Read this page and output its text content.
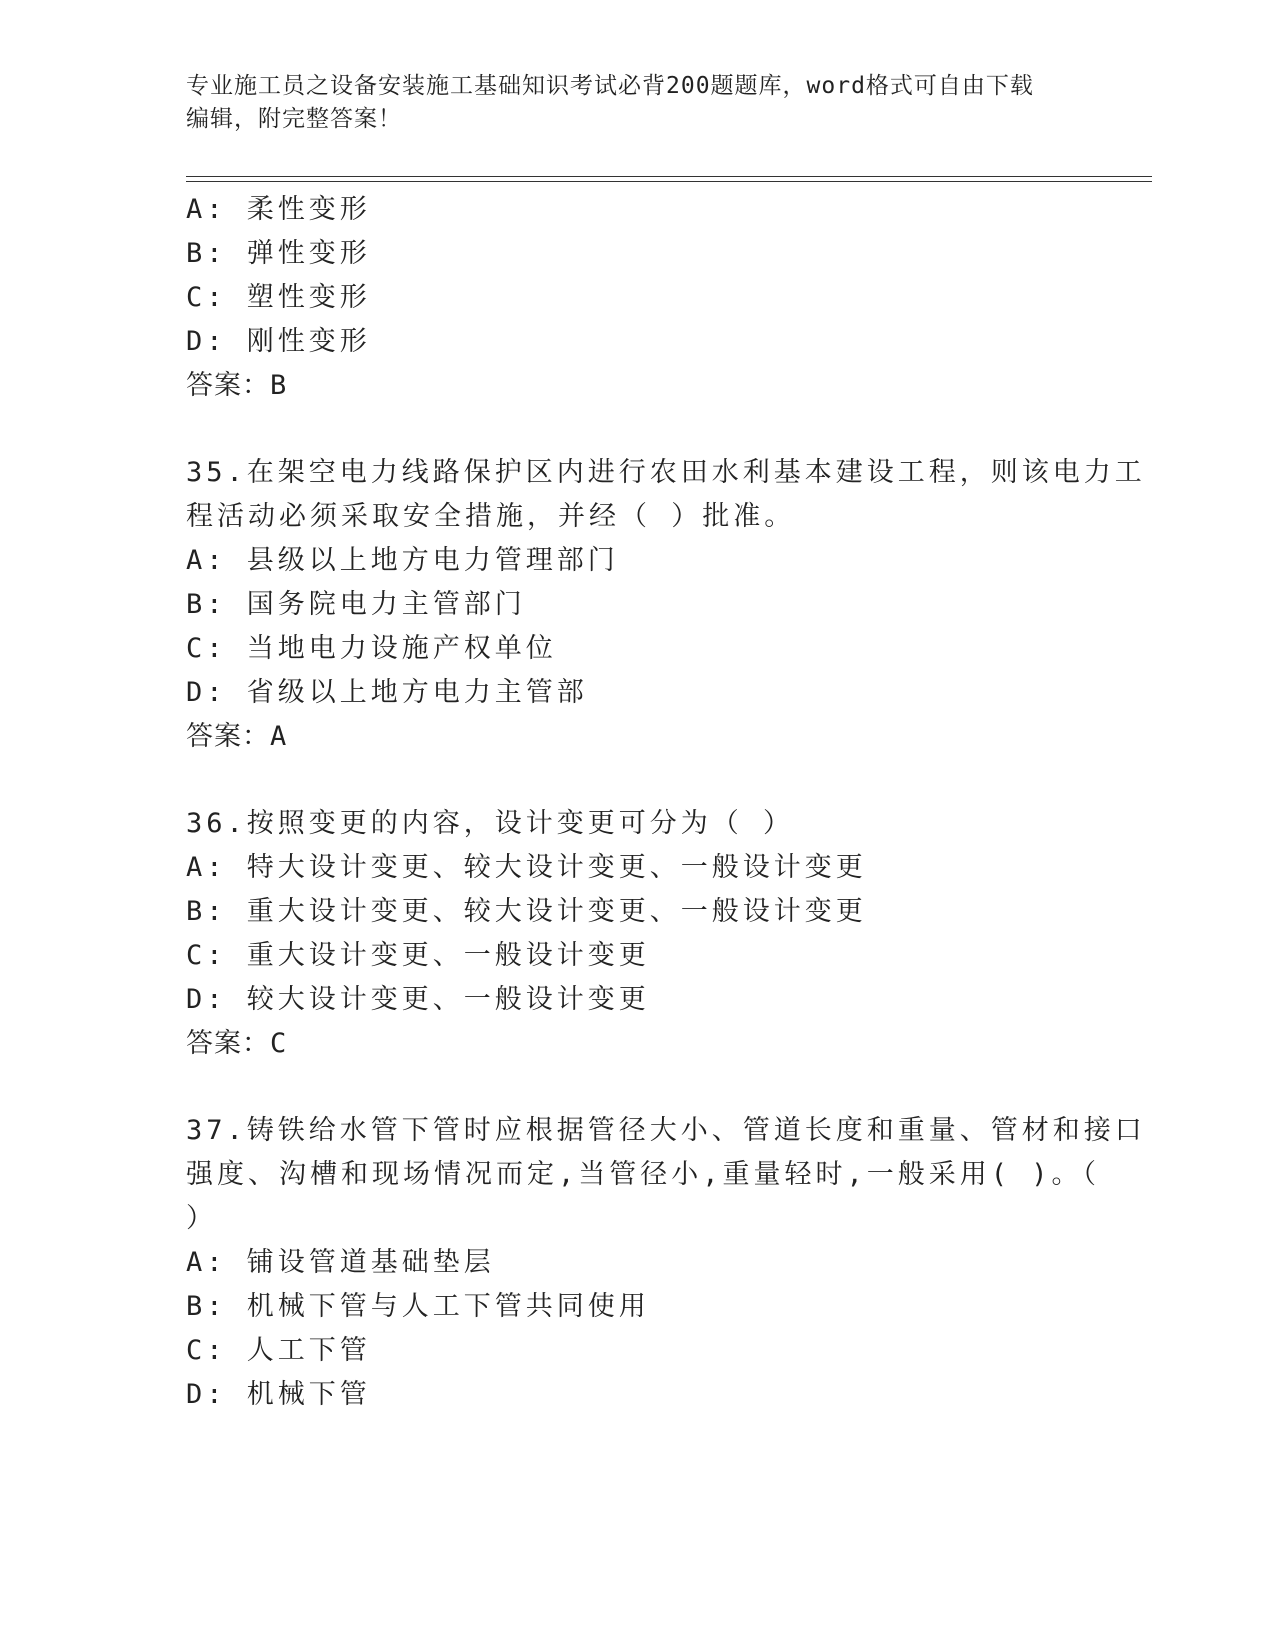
专业施工员之设备安装施工基础知识考试必背200题题库，word格式可自由下载
编辑，附完整答案！
A: 柔性变形
B: 弹性变形
C: 塑性变形
D: 刚性变形
答案：B
35.在架空电力线路保护区内进行农田水利基本建设工程，则该电力工
程活动必须采取安全措施，并经（ ）批准。
A: 县级以上地方电力管理部门
B: 国务院电力主管部门
C: 当地电力设施产权单位
D: 省级以上地方电力主管部
答案：A
36.按照变更的内容，设计变更可分为（ ）
A: 特大设计变更、较大设计变更、一般设计变更
B: 重大设计变更、较大设计变更、一般设计变更
C: 重大设计变更、一般设计变更
D: 较大设计变更、一般设计变更
答案：C
37.铸铁给水管下管时应根据管径大小、管道长度和重量、管材和接口
强度、沟槽和现场情况而定,当管径小,重量轻时,一般采用( )。（
）
A: 铺设管道基础垫层
B: 机械下管与人工下管共同使用
C: 人工下管
D: 机械下管
